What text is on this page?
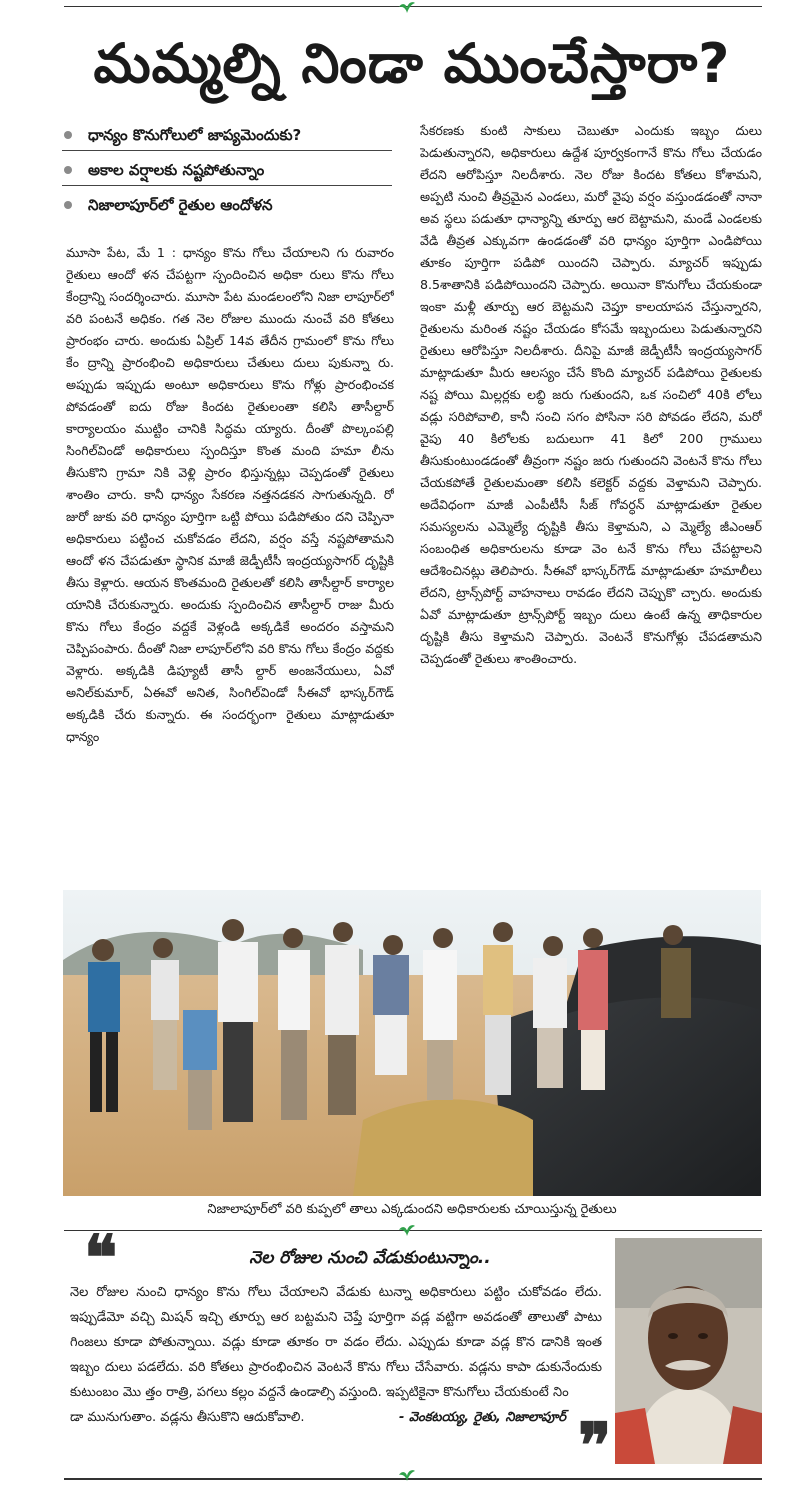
మమ్మల్ని నిండా ముంచేస్తారా?
ధాన్యం కొనుగోలులో జాప్యమెందుకు?
అకాల వర్షాలకు నష్టపోతున్నాం
నిజాలాపూర్‌లో రైతుల ఆందోళన
మూసా పేట, మే 1 : ధాన్యం కొను గోలు చేయాలని గు రువారం రైతులు ఆందో ళన చేపట్టగా స్పందించిన అధికా రులు కొను గోలు కేంద్రాన్ని సందర్శించారు. మూసా పేట మండలంలోని నిజా లాపూర్‌లో వరి పంటనే అధికం. గత నెల రోజుల ముందు నుంచే వరి కోతలు ప్రారంభం చారు. అందుకు ఏప్రిల్ 14వ తేదీన గ్రామంలో కొను గోలు కేం ద్రాన్ని ప్రారంభించి అధికారులు చేతులు దులు పుకున్నా రు. అప్పుడు ఇప్పుడు అంటూ అధికారులు కొను గోళ్లు ప్రారంభించక పోవడంతో ఐదు రోజు కిందట రైతులంతా కలిసి తాసీల్దార్ కార్యాలయం ముట్టిం చానికి సిద్ధమ య్యారు. దీంతో పొల్కంపల్లి సింగిల్‌విండో అధికారులు స్పందిస్తూ కొంత మంది హమా లీను తీసుకొని గ్రామా నికి వెళ్లి ప్రారం భిస్తున్నట్లు చెప్పడంతో రైతులు శాంతిం చారు. కానీ ధాన్యం సేకరణ నత్తనడకన సాగుతున్నది. రో జురో జుకు వరి ధాన్యం పూర్తిగా ఒట్టి పోయి పడిపోతుం దని చెప్పినా అధికారులు పట్టించ చుకోవడం లేదని, వర్షం వస్తే నష్టపోతామని ఆందో ళన చేపడుతూ స్థానిక మాజీ జెడ్పీటీసీ ఇంద్రయ్యసాగర్ దృష్టికి తీసు కెళ్లారు. ఆయన కొంతమంది రైతులతో కలిసి తాసీల్దార్ కార్యాల యానికి చేరుకున్నారు. అందుకు స్పందించిన తాసీల్దార్ రాజు మీరు కొను గోలు కేంద్రం వద్దకే వెళ్లండి అక్కడికే అందరం వస్తామని చెప్పిపంపారు. దీంతో నిజా లాపూర్‌లోని వరి కొను గోలు కేంద్రం వద్దకు వెళ్లారు. అక్కడికి డిప్యూటీ తాసీ ల్దార్ అంజనేయులు, ఏవో అనిల్‌కుమార్, ఏఈవో అనిత, సింగిల్‌విండో సీఈవో భాస్కర్‌గౌడ్ అక్కడికి చేరు కున్నారు. ఈ సందర్భంగా రైతులు మాట్లాడుతూ ధాన్యం
సేకరణకు కుంటి సాకులు చెబుతూ ఎందుకు ఇబ్బం దులు పెడుతున్నారని, అధికారులు ఉద్దేశ పూర్వకంగానే కొను గోలు చేయడం లేదని ఆరోపిస్తూ నిలదీశారు. నెల రోజు కిందట కోతలు కోశామని, అప్పటి నుంచి తీవ్రమైన ఎండలు, మరో వైపు వర్షం వస్తుండడంతో నానా అవ స్థలు పడుతూ ధాన్యాన్ని తూర్పు ఆర బెట్టామని, మండే ఎండలకు వేడి తీవ్రత ఎక్కువగా ఉండడంతో వరి ధాన్యం పూర్తిగా ఎండిపోయి తూకం పూర్తిగా పడిపో యిందని చెప్పారు. మ్యాచర్ ఇప్పుడు 8.5శాతానికి పడిపోయిందని చెప్పారు. అయినా కొనుగోలు చేయకుండా ఇంకా మళ్లీ తూర్పు ఆర బెట్టమని చెప్తూ కాలయాపన చేస్తున్నారని, రైతులను మరింత నష్టం చేయడం కోసమే ఇబ్బందులు పెడుతున్నారని రైతులు ఆరోపిస్తూ నిలదీశారు. దీనిపై మాజీ జెడ్పీటీసీ ఇంద్రయ్యసాగర్ మాట్లాడుతూ మీరు ఆలస్యం చేసే కొంది మ్యాచర్ పడిపోయి రైతులకు నష్ట పోయి మిల్లర్లకు లబ్ధి జరు గుతుందని, ఒక సంచిలో 40కి లోలు వడ్లు సరిపోవాలి, కానీ సంచి సగం పోసినా సరి పోవడం లేదని, మరో వైపు 40 కిలోలకు బదులుగా 41 కిలో 200 గ్రాములు తీసుకుంటుండడంతో తీవ్రంగా నష్టం జరు గుతుందని వెంటనే కొను గోలు చేయకపోతే రైతులమంతా కలిసి కలెక్టర్ వద్దకు వెళ్తామని చెప్పారు. అదేవిధంగా మాజీ ఎంపీటీసీ సీజ్ గోవర్ధన్ మాట్లాడుతూ రైతుల సమస్యలను ఎమ్మెల్యే దృష్టికి తీసు కెళ్తామని, ఎ మ్మెల్యే జీఎంఆర్ సంబంధిత అధికారులను కూడా వెం టనే కొను గోలు చేపట్టాలని ఆదేశించినట్లు తెలిపారు. సీఈవో భాస్కర్‌గౌడ్ మాట్లాడుతూ హమాలీలు లేదని, ట్రాన్స్‌పోర్ట్ వాహనాలు రావడం లేదని చెప్పుకొ చ్చారు. అందుకు ఏవో మాట్లాడుతూ ట్రాన్స్‌పోర్ట్ ఇబ్బం దులు ఉంటే ఉన్న తాధికారుల దృష్టికి తీసు కెళ్తామని చెప్పారు. వెంటనే కొనుగోళ్లు చేపడతామని చెప్పడంతో రైతులు శాంతించారు.
నిజాలాపూర్‌లో వరి కుప్పలో తాలు ఎక్కడుందని అధికారులకు చూయిస్తున్న రైతులు
❝	నెల రోజుల నుంచి వేడుకుంటున్నాం..
నెల రోజుల నుంచి ధాన్యం కొను గోలు చేయాలని వేడుకు టున్నా అధికారులు పట్టిం చుకోవడం లేదు. ఇప్పుడేమో వచ్చి మిషన్ ఇచ్చి తూర్పు ఆర బట్టమని చెప్తే పూర్తిగా వడ్ల వట్టిగా అవడంతో తాలుతో పాటు గింజలు కూడా పోతున్నాయి. వడ్లు కూడా తూకం రా వడం లేదు. ఎప్పుడు కూడా వడ్ల కొన డానికి ఇంత ఇబ్బం దులు పడలేదు. వరి కోతలు ప్రారంభించిన వెంటనే కొను గోలు చేసేవారు. వడ్లను కాపా డుకునేందుకు కుటుంబం మొ త్తం రాత్రి, పగలు కల్లం వద్దనే ఉండాల్సి వస్తుంది. ఇప్పటికైనా కొనుగోలు చేయకుంటే నిం
డా మునుగుతాం. వడ్లను తీసుకొని ఆదుకోవాలి.	- వెంకటయ్య, రైతు, నిజాలాపూర్ ❞
